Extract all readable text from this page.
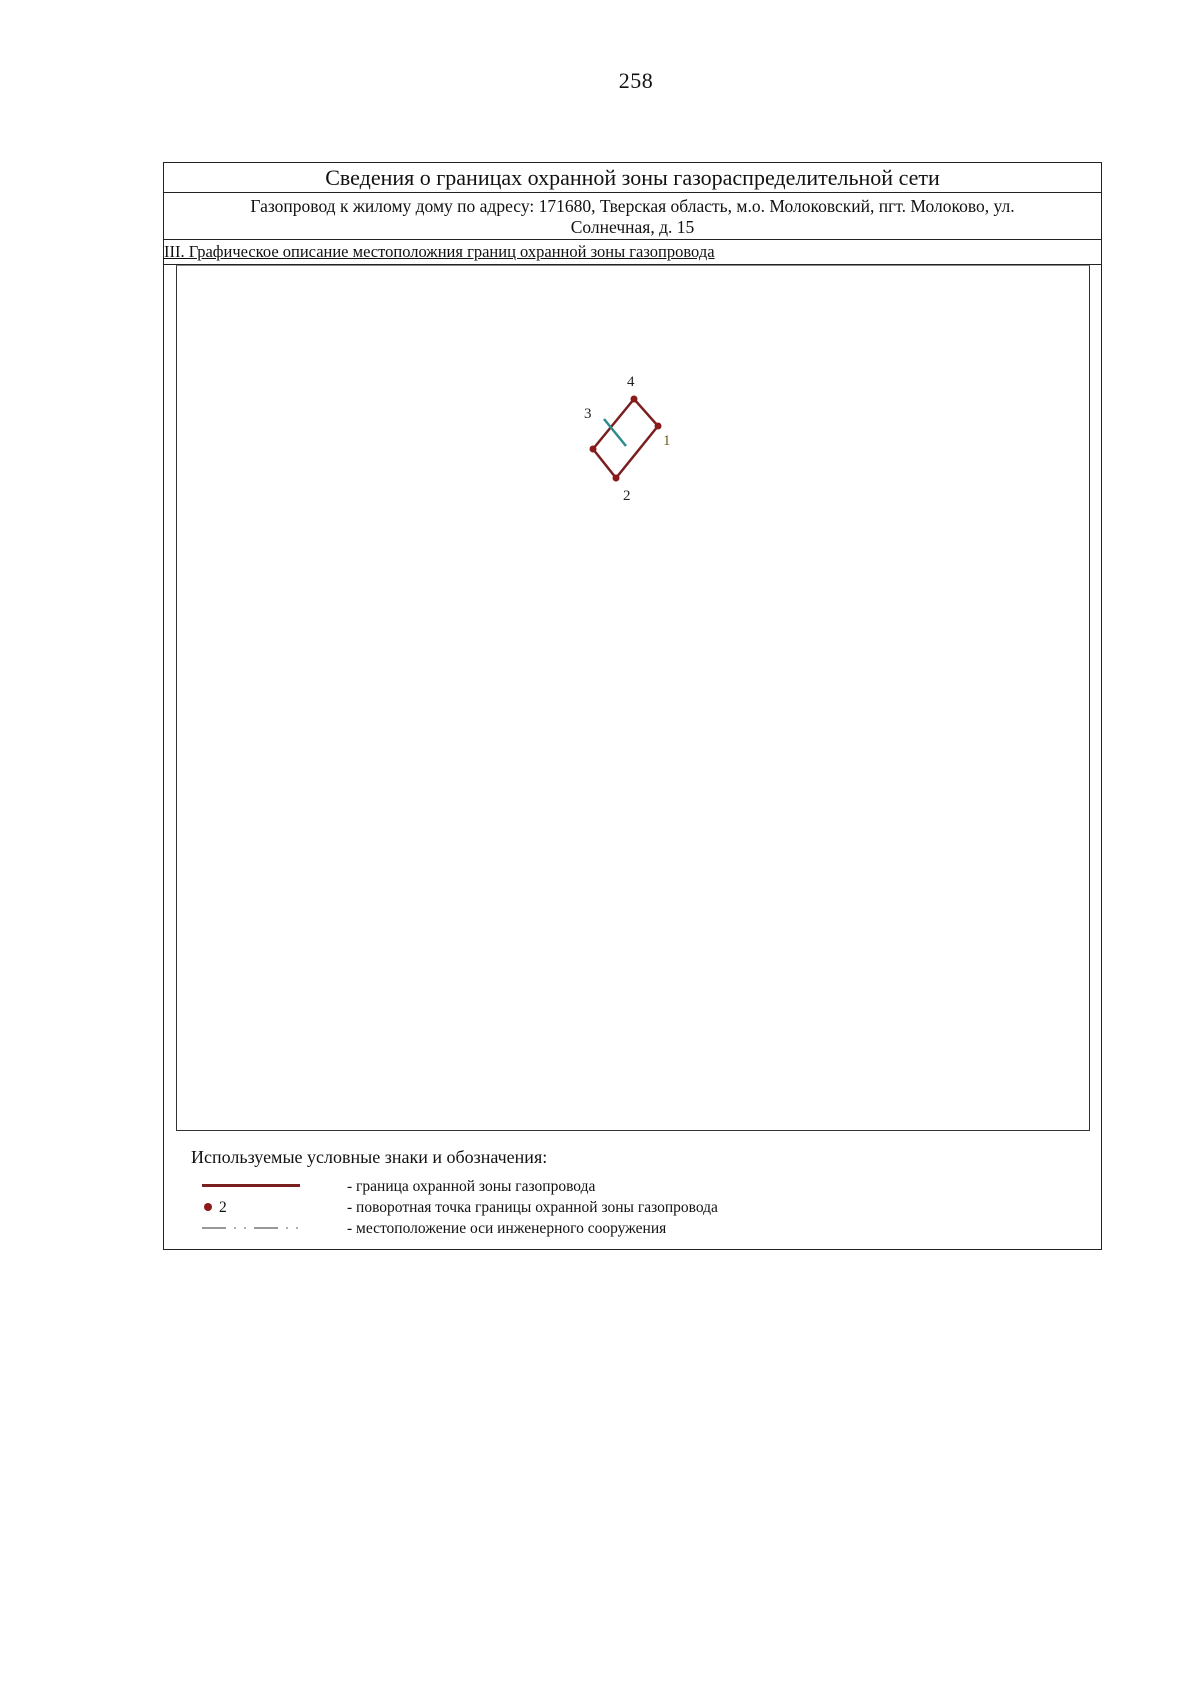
258
Сведения о границах охранной зоны газораспределительной сети
Газопровод к жилому дому по адресу: 171680, Тверская область, м.о. Молоковский, пгт. Молоково, ул.
Солнечная, д. 15
III. Графическое описание местоположния границ охранной зоны газопровода
1
2
3
4
Используемые условные знаки и обозначения:
- граница охранной зоны газопровода
2	- поворотная точка границы охранной зоны газопровода
- местоположение оси инженерного сооружения
